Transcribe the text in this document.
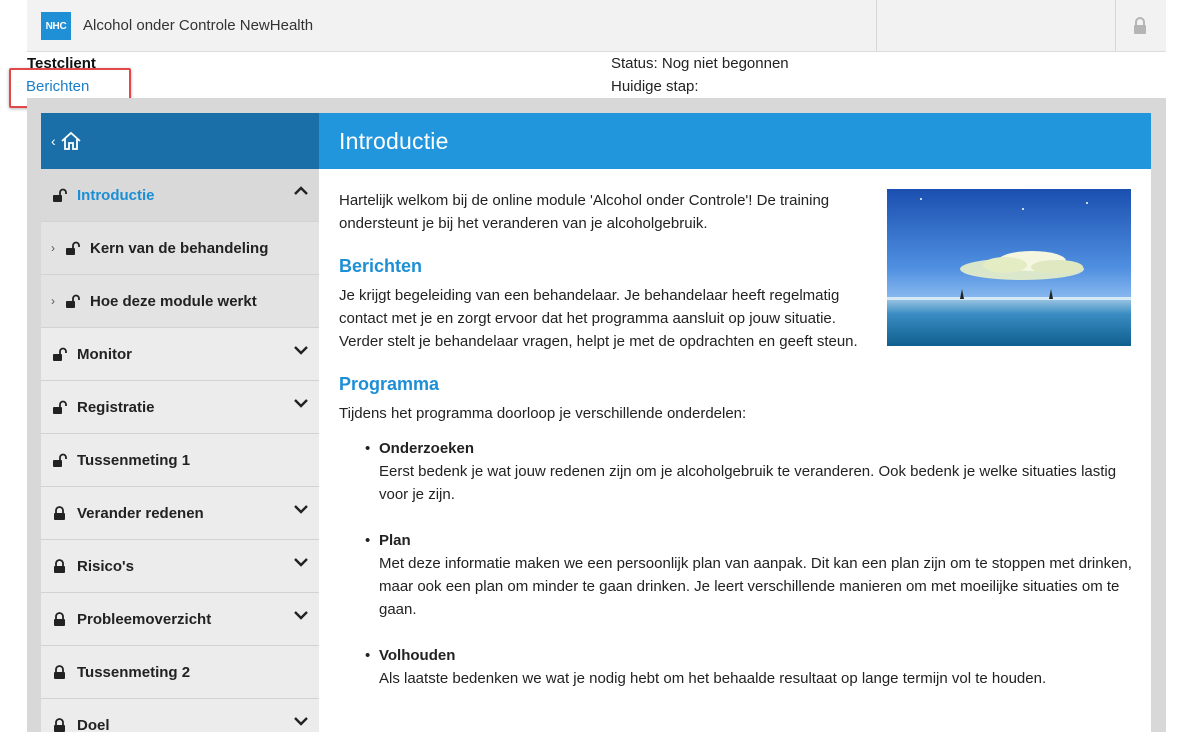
NHC	Alcohol onder Controle NewHealth
Testclient
Berichten
Status: Nog niet begonnen
Huidige stap:
‹
Introductie
› Kern van de behandeling
› Hoe deze module werkt
Monitor
Registratie
Tussenmeting 1
Verander redenen
Risico's
Probleemoverzicht
Tussenmeting 2
Doel
Introductie

Hartelijk welkom bij de online module 'Alcohol onder Controle'! De training ondersteunt je bij het veranderen van je alcoholgebruik.

Berichten

Je krijgt begeleiding van een behandelaar. Je behandelaar heeft regelmatig contact met je en zorgt ervoor dat het programma aansluit op jouw situatie. Verder stelt je behandelaar vragen, helpt je met de opdrachten en geeft steun.

Programma

Tijdens het programma doorloop je verschillende onderdelen:

• Onderzoeken
Eerst bedenk je wat jouw redenen zijn om je alcoholgebruik te veranderen. Ook bedenk je welke situaties lastig voor je zijn.
• Plan
Met deze informatie maken we een persoonlijk plan van aanpak. Dit kan een plan zijn om te stoppen met drinken, maar ook een plan om minder te gaan drinken. Je leert verschillende manieren om met moeilijke situaties om te gaan.
• Volhouden
Als laatste bedenken we wat je nodig hebt om het behaalde resultaat op lange termijn vol te houden.
